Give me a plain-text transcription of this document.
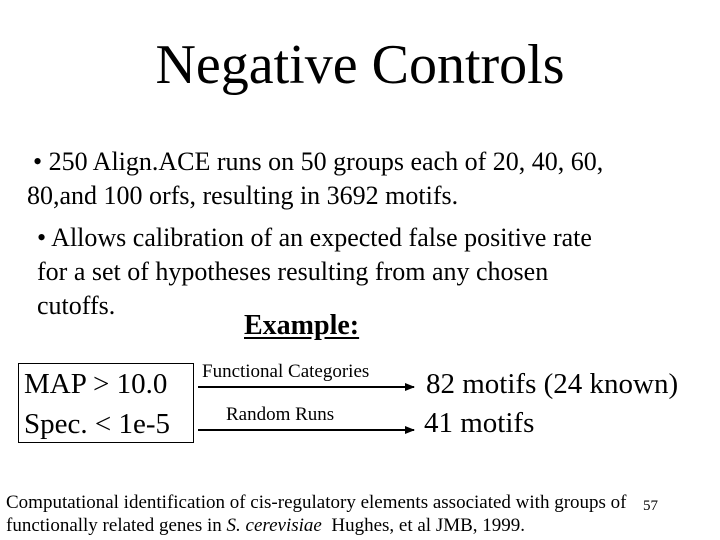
Negative Controls
• 250 Align.ACE runs on 50 groups each of 20, 40, 60,
80,and 100 orfs, resulting in 3692 motifs.
• Allows calibration of an expected false positive rate
for a set of hypotheses resulting from any chosen
cutoffs.
Example:
MAP > 10.0
Spec. < 1e-5
Functional Categories
Random Runs
82 motifs (24 known)
41 motifs
Computational identification of cis-regulatory elements associated with groups of
functionally related genes in S. cerevisiae  Hughes, et al JMB, 1999.
57
